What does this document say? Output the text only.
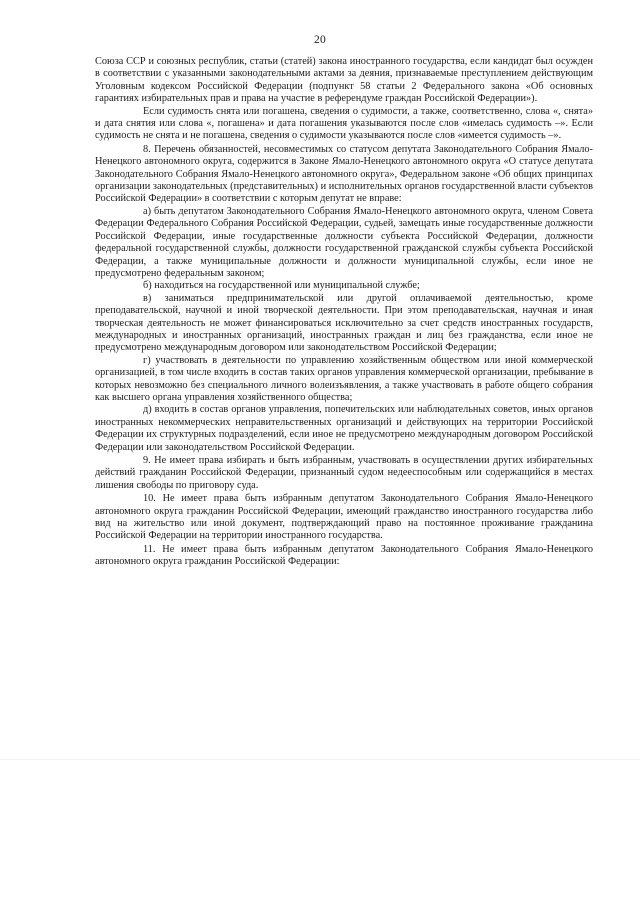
20

Союза ССР и союзных республик, статьи (статей) закона иностранного государства, если кандидат был осужден в соответствии с указанными законодательными актами за деяния, признаваемые преступлением действующим Уголовным кодексом Российской Федерации (подпункт 58 статьи 2 Федерального закона «Об основных гарантиях избирательных прав и права на участие в референдуме граждан Российской Федерации»).

Если судимость снята или погашена, сведения о судимости, а также, соответственно, слова «, снята» и дата снятия или слова «, погашена» и дата погашения указываются после слов «имелась судимость –». Если судимость не снята и не погашена, сведения о судимости указываются после слов «имеется судимость –».

8. Перечень обязанностей, несовместимых со статусом депутата Законодательного Собрания Ямало-Ненецкого автономного округа, содержится в Законе Ямало-Ненецкого автономного округа «О статусе депутата Законодательного Собрания Ямало-Ненецкого автономного округа», Федеральном законе «Об общих принципах организации законодательных (представительных) и исполнительных органов государственной власти субъектов Российской Федерации» в соответствии с которым депутат не вправе:

а) быть депутатом Законодательного Собрания Ямало-Ненецкого автономного округа, членом Совета Федерации Федерального Собрания Российской Федерации, судьей, замещать иные государственные должности Российской Федерации, иные государственные должности субъекта Российской Федерации, должности федеральной государственной службы, должности государственной гражданской службы субъекта Российской Федерации, а также муниципальные должности и должности муниципальной службы, если иное не предусмотрено федеральным законом;

б) находиться на государственной или муниципальной службе;

в) заниматься предпринимательской или другой оплачиваемой деятельностью, кроме преподавательской, научной и иной творческой деятельности. При этом преподавательская, научная и иная творческая деятельность не может финансироваться исключительно за счет средств иностранных государств, международных и иностранных организаций, иностранных граждан и лиц без гражданства, если иное не предусмотрено международным договором или законодательством Российской Федерации;

г) участвовать в деятельности по управлению хозяйственным обществом или иной коммерческой организацией, в том числе входить в состав таких органов управления коммерческой организации, пребывание в которых невозможно без специального личного волеизъявления, а также участвовать в работе общего собрания как высшего органа управления хозяйственного общества;

д) входить в состав органов управления, попечительских или наблюдательных советов, иных органов иностранных некоммерческих неправительственных организаций и действующих на территории Российской Федерации их структурных подразделений, если иное не предусмотрено международным договором Российской Федерации или законодательством Российской Федерации.

9. Не имеет права избирать и быть избранным, участвовать в осуществлении других избирательных действий гражданин Российской Федерации, признанный судом недееспособным или содержащийся в местах лишения свободы по приговору суда.

10. Не имеет права быть избранным депутатом Законодательного Собрания Ямало-Ненецкого автономного округа гражданин Российской Федерации, имеющий гражданство иностранного государства либо вид на жительство или иной документ, подтверждающий право на постоянное проживание гражданина Российской Федерации на территории иностранного государства.

11. Не имеет права быть избранным депутатом Законодательного Собрания Ямало-Ненецкого автономного округа гражданин Российской Федерации:
